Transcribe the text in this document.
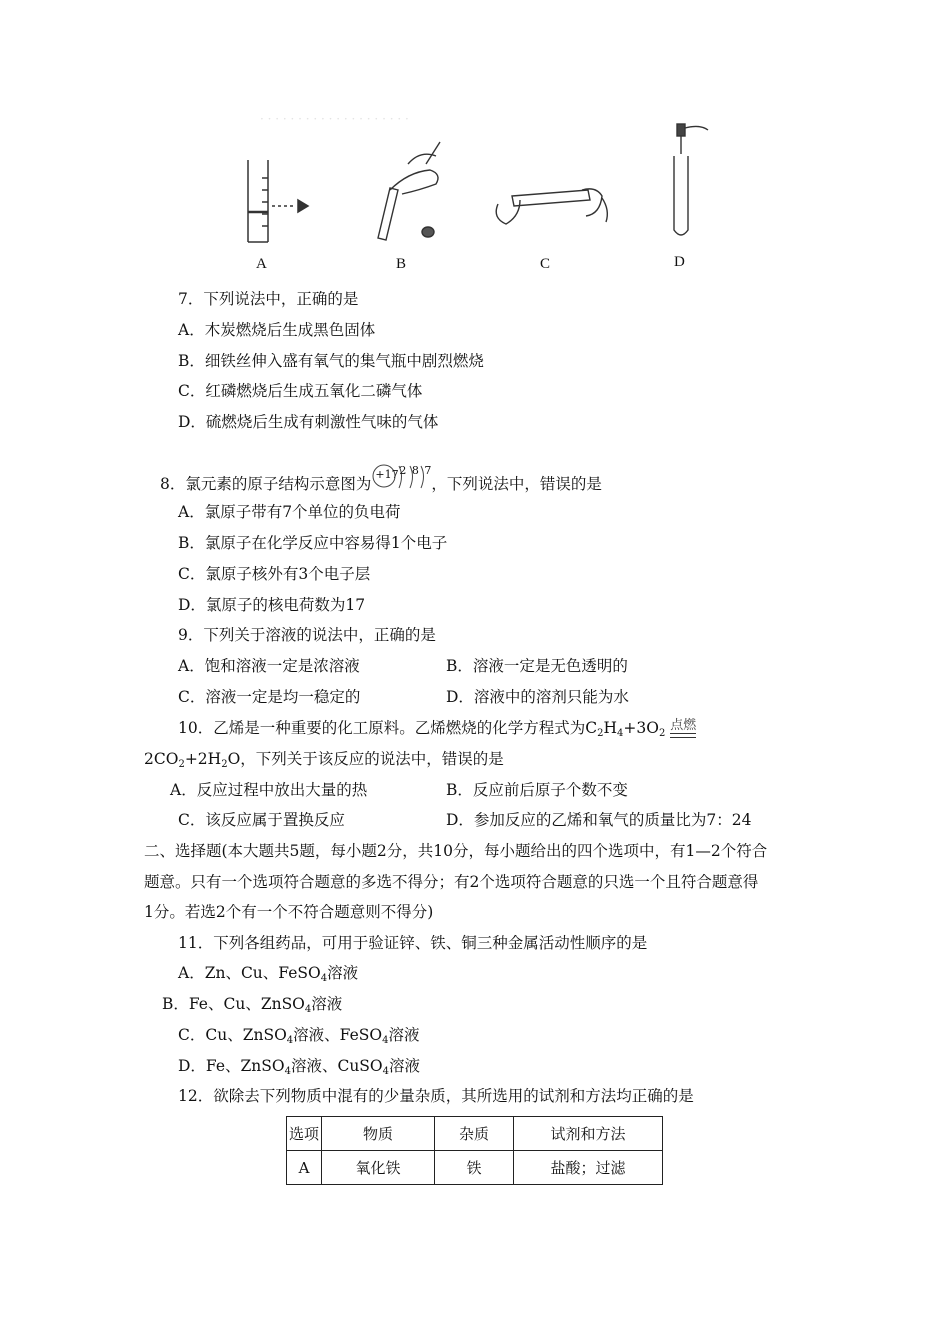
· · · · · · · · · · · · · · · · · · · ·
A	B	C	D
7．下列说法中，正确的是
A．木炭燃烧后生成黑色固体
B．细铁丝伸入盛有氧气的集气瓶中剧烈燃烧
C．红磷燃烧后生成五氧化二磷气体
D．硫燃烧后生成有刺激性气味的气体
8．氯元素的原子结构示意图为
+17 2 8 7
，下列说法中，错误的是
A．氯原子带有7个单位的负电荷
B．氯原子在化学反应中容易得1个电子
C．氯原子核外有3个电子层
D．氯原子的核电荷数为17
9．下列关于溶液的说法中，正确的是
A．饱和溶液一定是浓溶液	B．溶液一定是无色透明的
C．溶液一定是均一稳定的	D．溶液中的溶剂只能为水
10．乙烯是一种重要的化工原料。乙烯燃烧的化学方程式为$C_2H_4+3O_2$ $^{点燃}$
$2CO_2+2H_2O$，下列关于该反应的说法中，错误的是
A．反应过程中放出大量的热	B．反应前后原子个数不变
C．该反应属于置换反应	D．参加反应的乙烯和氧气的质量比为7：24
二、选择题(本大题共5题，每小题2分，共10分，每小题给出的四个选项中，有1—2个符合
题意。只有一个选项符合题意的多选不得分；有2个选项符合题意的只选一个且符合题意得
1分。若选2个有一个不符合题意则不得分)
11．下列各组药品，可用于验证锌、铁、铜三种金属活动性顺序的是
A．Zn、Cu、FeSO$_4$溶液
B．Fe、Cu、ZnSO$_4$溶液
C．Cu、ZnSO$_4$溶液、FeSO$_4$溶液
D．Fe、ZnSO$_4$溶液、CuSO$_4$溶液
12．欲除去下列物质中混有的少量杂质，其所选用的试剂和方法均正确的是
选项	物质	杂质	试剂和方法
A	氧化铁	铁	盐酸；过滤
